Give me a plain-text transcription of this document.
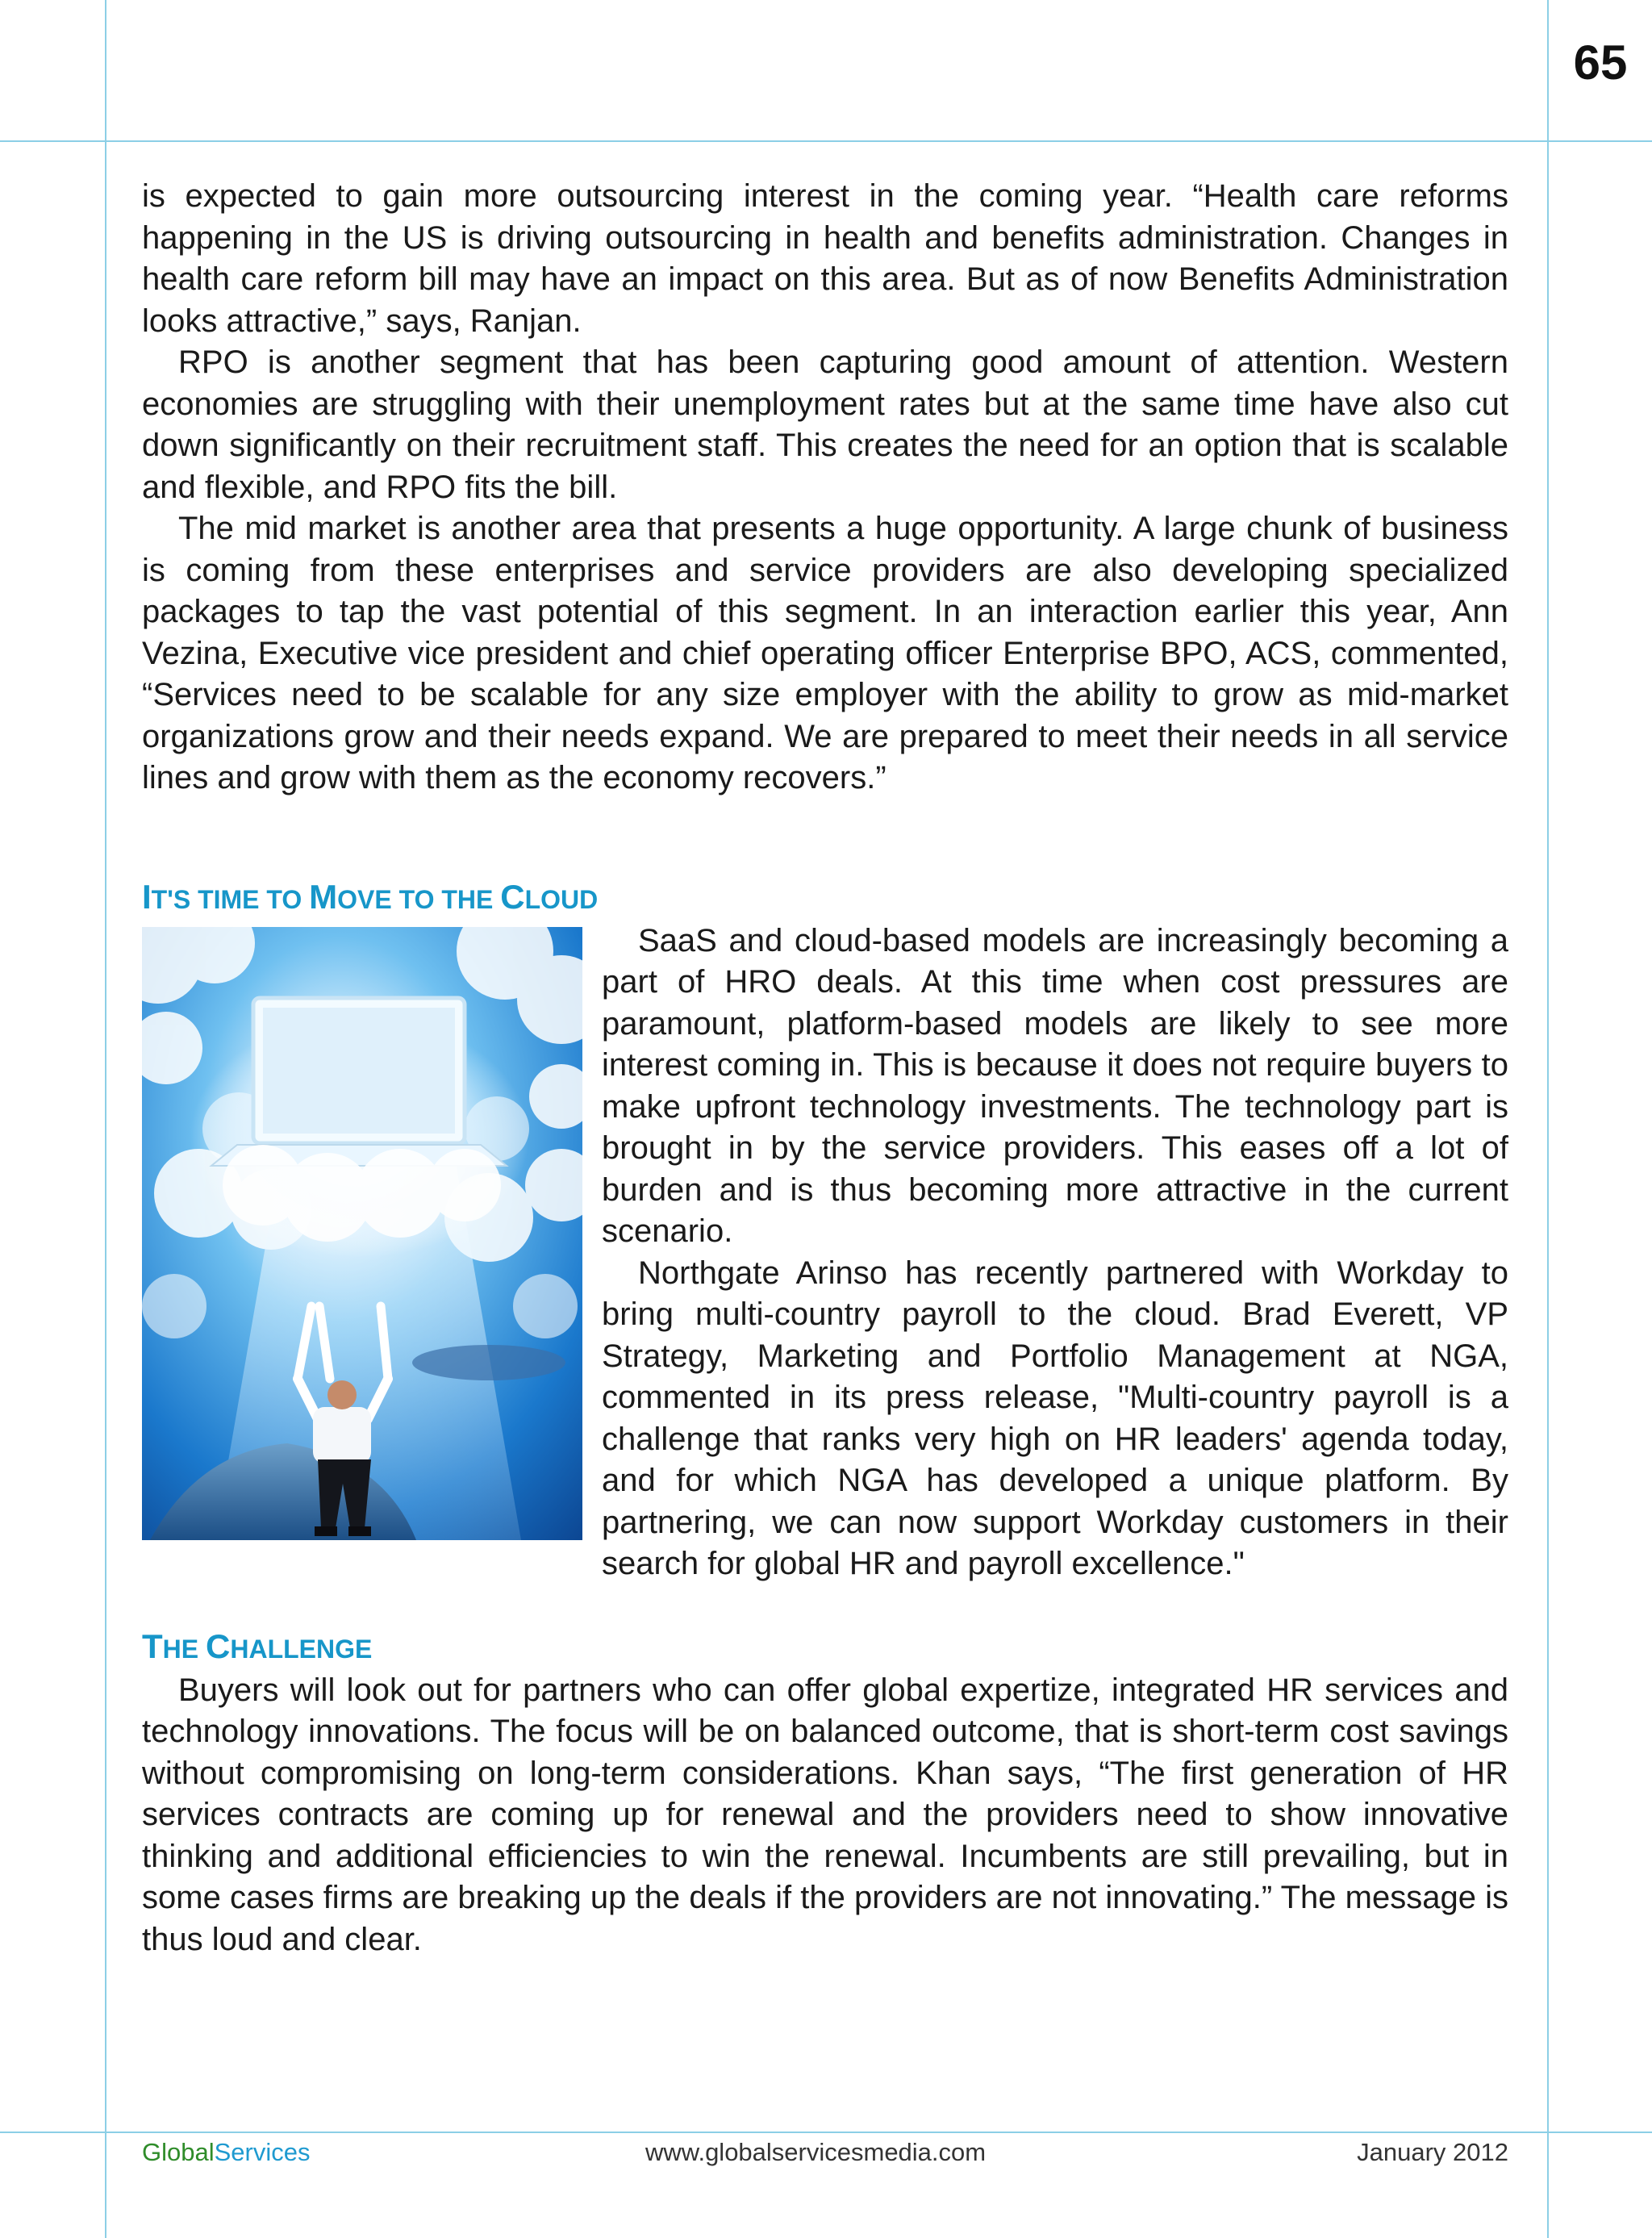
65

is expected to gain more outsourcing interest in the coming year. “Health care reforms happening in the US is driving outsourcing in health and benefits administration. Changes in health care reform bill may have an impact on this area. But as of now Benefits Administration looks attractive,” says, Ranjan.

RPO is another segment that has been capturing good amount of attention. Western economies are struggling with their unemployment rates but at the same time have also cut down significantly on their recruitment staff. This creates the need for an option that is scalable and flexible, and RPO fits the bill.

The mid market is another area that presents a huge opportunity. A large chunk of business is coming from these enterprises and service providers are also developing specialized packages to tap the vast potential of this segment. In an interaction earlier this year, Ann Vezina, Executive vice president and chief operating officer Enterprise BPO, ACS, commented, “Services need to be scalable for any size employer with the ability to grow as mid-market organizations grow and their needs expand. We are prepared to meet their needs in all service lines and grow with them as the economy recovers.”

IT'S TIME TO MOVE TO THE CLOUD

SaaS and cloud-based models are increasingly becoming a part of HRO deals. At this time when cost pressures are paramount, platform-based models are likely to see more interest coming in. This is because it does not require buyers to make upfront technology investments. The technology part is brought in by the service providers. This eases off a lot of burden and is thus becoming more attractive in the current scenario.

Northgate Arinso has recently partnered with Workday to bring multi-country payroll to the cloud. Brad Everett, VP Strategy, Marketing and Portfolio Management at NGA, commented in its press release, "Multi-country payroll is a challenge that ranks very high on HR leaders' agenda today, and for which NGA has developed a unique platform. By partnering, we can now support Workday customers in their search for global HR and payroll excellence."

THE CHALLENGE

Buyers will look out for partners who can offer global expertize, integrated HR services and technology innovations. The focus will be on balanced outcome, that is short-term cost savings without compromising on long-term considerations. Khan says, “The first generation of HR services contracts are coming up for renewal and the providers need to show innovative thinking and additional efficiencies to win the renewal. Incumbents are still prevailing, but in some cases firms are breaking up the deals if the providers are not innovating.” The message is thus loud and clear.

GlobalServices	www.globalservicesmedia.com	January 2012
